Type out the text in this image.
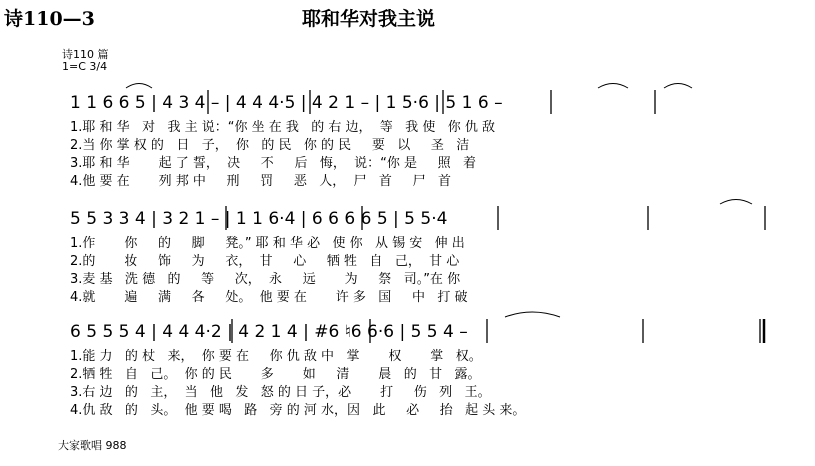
诗110—3	耶和华对我主说
诗110 篇
1=C 3/4
1 1 6 6 5 | 4 3 4 – | 4 4 4·5 | 4 2 1 – | 1 5·6 | 5 1 6 –
1.耶 和 华   对   我 主 说：“你 坐 在 我   的 右 边，  等   我 使   你 仇 敌
2.当 你 掌 权 的   日   子，  你   的 民   你 的 民     要   以     圣   洁
3.耶 和 华       起 了 誓，  决     不     后   悔，  说：“你 是     照   着
4.他 要 在       列 邦 中     刑     罚     恶   人，  尸   首     尸   首
5 5 3 3 4 | 3 2 1 – | 1 1 6·4 | 6 6 6 6 5 | 5 5·4
1.作       你     的     脚     凳。” 耶 和 华 必   使 你   从 锡 安   伸 出
2.的       妆     饰     为     衣，  甘     心     牺 牲   自   己，  甘 心
3.麦 基   洗 德   的     等     次，  永     远       为     祭   司。”在 你
4.就       遍     满     各     处。  他 要 在       许 多   国     中   打 破
6 5 5 5 4 | 4 4 4·2 | 4 2 1 4 | #6 ♮6 6·6 | 5 5 4 –
1.能 力   的 杖   来，  你 要 在     你 仇 敌 中   掌       权       掌   权。
2.牺 牲   自   己。  你 的 民       多       如     清       晨   的   甘   露。
3.右 边   的   主，  当   他   发   怒 的 日 子，必       打     伤   列   王。
4.仇 敌   的   头。  他 要 喝   路   旁 的 河 水，因   此     必     抬   起 头 来。
大家歌唱 988
